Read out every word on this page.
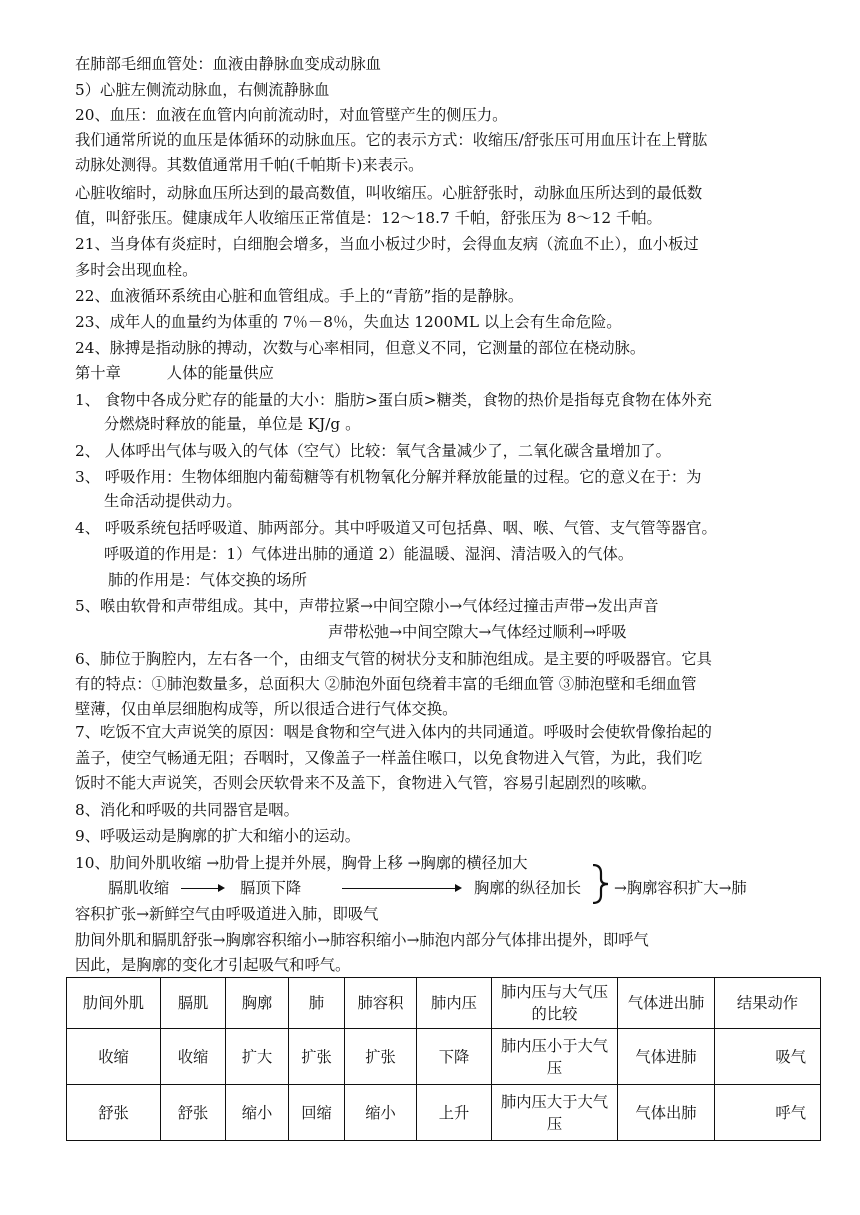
在肺部毛细血管处：血液由静脉血变成动脉血
5）心脏左侧流动脉血，右侧流静脉血
20、血压：血液在血管内向前流动时，对血管壁产生的侧压力。
我们通常所说的血压是体循环的动脉血压。它的表示方式：收缩压/舒张压可用血压计在上臂肱
动脉处测得。其数值通常用千帕(千帕斯卡)来表示。
心脏收缩时，动脉血压所达到的最高数值，叫收缩压。心脏舒张时，动脉血压所达到的最低数
值，叫舒张压。健康成年人收缩压正常值是：12～18.7 千帕，舒张压为 8～12 千帕。
21、当身体有炎症时，白细胞会增多，当血小板过少时，会得血友病（流血不止），血小板过
多时会出现血栓。
22、血液循环系统由心脏和血管组成。手上的“青筋”指的是静脉。
23、成年人的血量约为体重的 7％－8％，失血达 1200ML 以上会有生命危险。
24、脉搏是指动脉的搏动，次数与心率相同，但意义不同，它测量的部位在桡动脉。
第十章　　　人体的能量供应
1、 食物中各成分贮存的能量的大小：脂肪>蛋白质>糖类，食物的热价是指每克食物在体外充
分燃烧时释放的能量，单位是 KJ/g 。
2、 人体呼出气体与吸入的气体（空气）比较：氧气含量减少了，二氧化碳含量增加了。
3、 呼吸作用：生物体细胞内葡萄糖等有机物氧化分解并释放能量的过程。它的意义在于：为
生命活动提供动力。
4、 呼吸系统包括呼吸道、肺两部分。其中呼吸道又可包括鼻、咽、喉、气管、支气管等器官。
呼吸道的作用是：1）气体进出肺的通道 2）能温暖、湿润、清洁吸入的气体。
肺的作用是：气体交换的场所
5、喉由软骨和声带组成。其中，声带拉紧→中间空隙小→气体经过撞击声带→发出声音
声带松弛→中间空隙大→气体经过顺利→呼吸
6、肺位于胸腔内，左右各一个，由细支气管的树状分支和肺泡组成。是主要的呼吸器官。它具
有的特点：①肺泡数量多，总面积大 ②肺泡外面包绕着丰富的毛细血管 ③肺泡壁和毛细血管
壁薄，仅由单层细胞构成等，所以很适合进行气体交换。
7、吃饭不宜大声说笑的原因：咽是食物和空气进入体内的共同通道。呼吸时会使软骨像抬起的
盖子，使空气畅通无阻；吞咽时，又像盖子一样盖住喉口，以免食物进入气管，为此，我们吃
饭时不能大声说笑，否则会厌软骨来不及盖下，食物进入气管，容易引起剧烈的咳嗽。
8、消化和呼吸的共同器官是咽。
9、呼吸运动是胸廓的扩大和缩小的运动。
10、肋间外肌收缩 →肋骨上提并外展，胸骨上移 →胸廓的横径加大
膈肌收缩	膈顶下降	胸廓的纵径加长 →胸廓容积扩大→肺
容积扩张→新鲜空气由呼吸道进入肺，即吸气
肋间外肌和膈肌舒张→胸廓容积缩小→肺容积缩小→肺泡内部分气体排出提外，即呼气
因此，是胸廓的变化才引起吸气和呼气。
肋间外肌	膈肌	胸廓	肺	肺容积	肺内压	肺内压与大气压的比较	气体进出肺	结果动作
收缩	收缩	扩大	扩张	扩张	下降	肺内压小于大气压	气体进肺	吸气
舒张	舒张	缩小	回缩	缩小	上升	肺内压大于大气压	气体出肺	呼气
